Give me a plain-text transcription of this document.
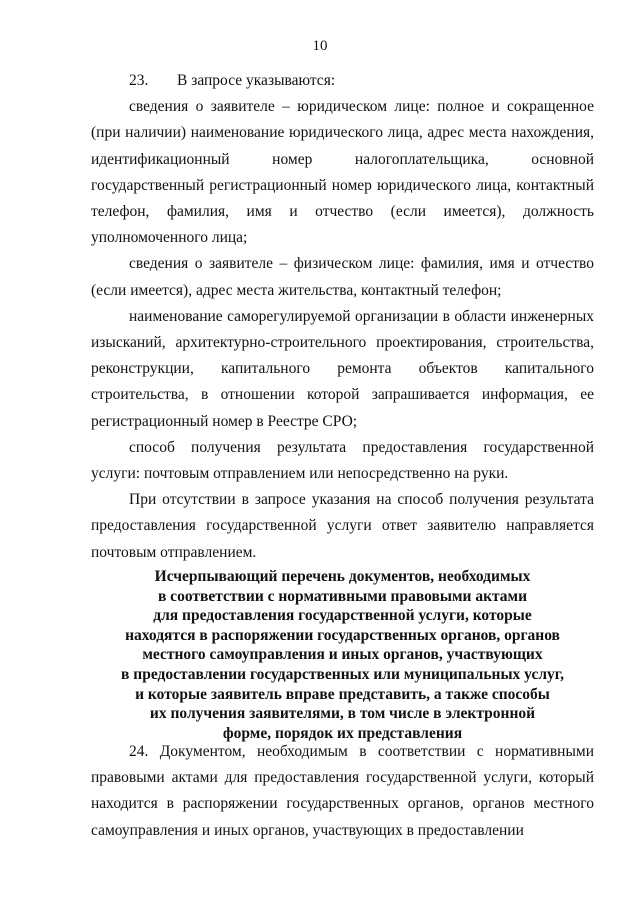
10

23. В запросе указываются:

сведения о заявителе – юридическом лице: полное и сокращенное (при наличии) наименование юридического лица, адрес места нахождения, идентификационный номер налогоплательщика, основной государственный регистрационный номер юридического лица, контактный телефон, фамилия, имя и отчество (если имеется), должность уполномоченного лица;

сведения о заявителе – физическом лице: фамилия, имя и отчество (если имеется), адрес места жительства, контактный телефон;

наименование саморегулируемой организации в области инженерных изысканий, архитектурно-строительного проектирования, строительства, реконструкции, капитального ремонта объектов капитального строительства, в отношении которой запрашивается информация, ее регистрационный номер в Реестре СРО;

способ получения результата предоставления государственной услуги: почтовым отправлением или непосредственно на руки.

При отсутствии в запросе указания на способ получения результата предоставления государственной услуги ответ заявителю направляется почтовым отправлением.

Исчерпывающий перечень документов, необходимых
в соответствии с нормативными правовыми актами
для предоставления государственной услуги, которые
находятся в распоряжении государственных органов, органов
местного самоуправления и иных органов, участвующих
в предоставлении государственных или муниципальных услуг,
и которые заявитель вправе представить, а также способы
их получения заявителями, в том числе в электронной
форме, порядок их представления

24. Документом, необходимым в соответствии с нормативными правовыми актами для предоставления государственной услуги, который находится в распоряжении государственных органов, органов местного самоуправления и иных органов, участвующих в предоставлении
